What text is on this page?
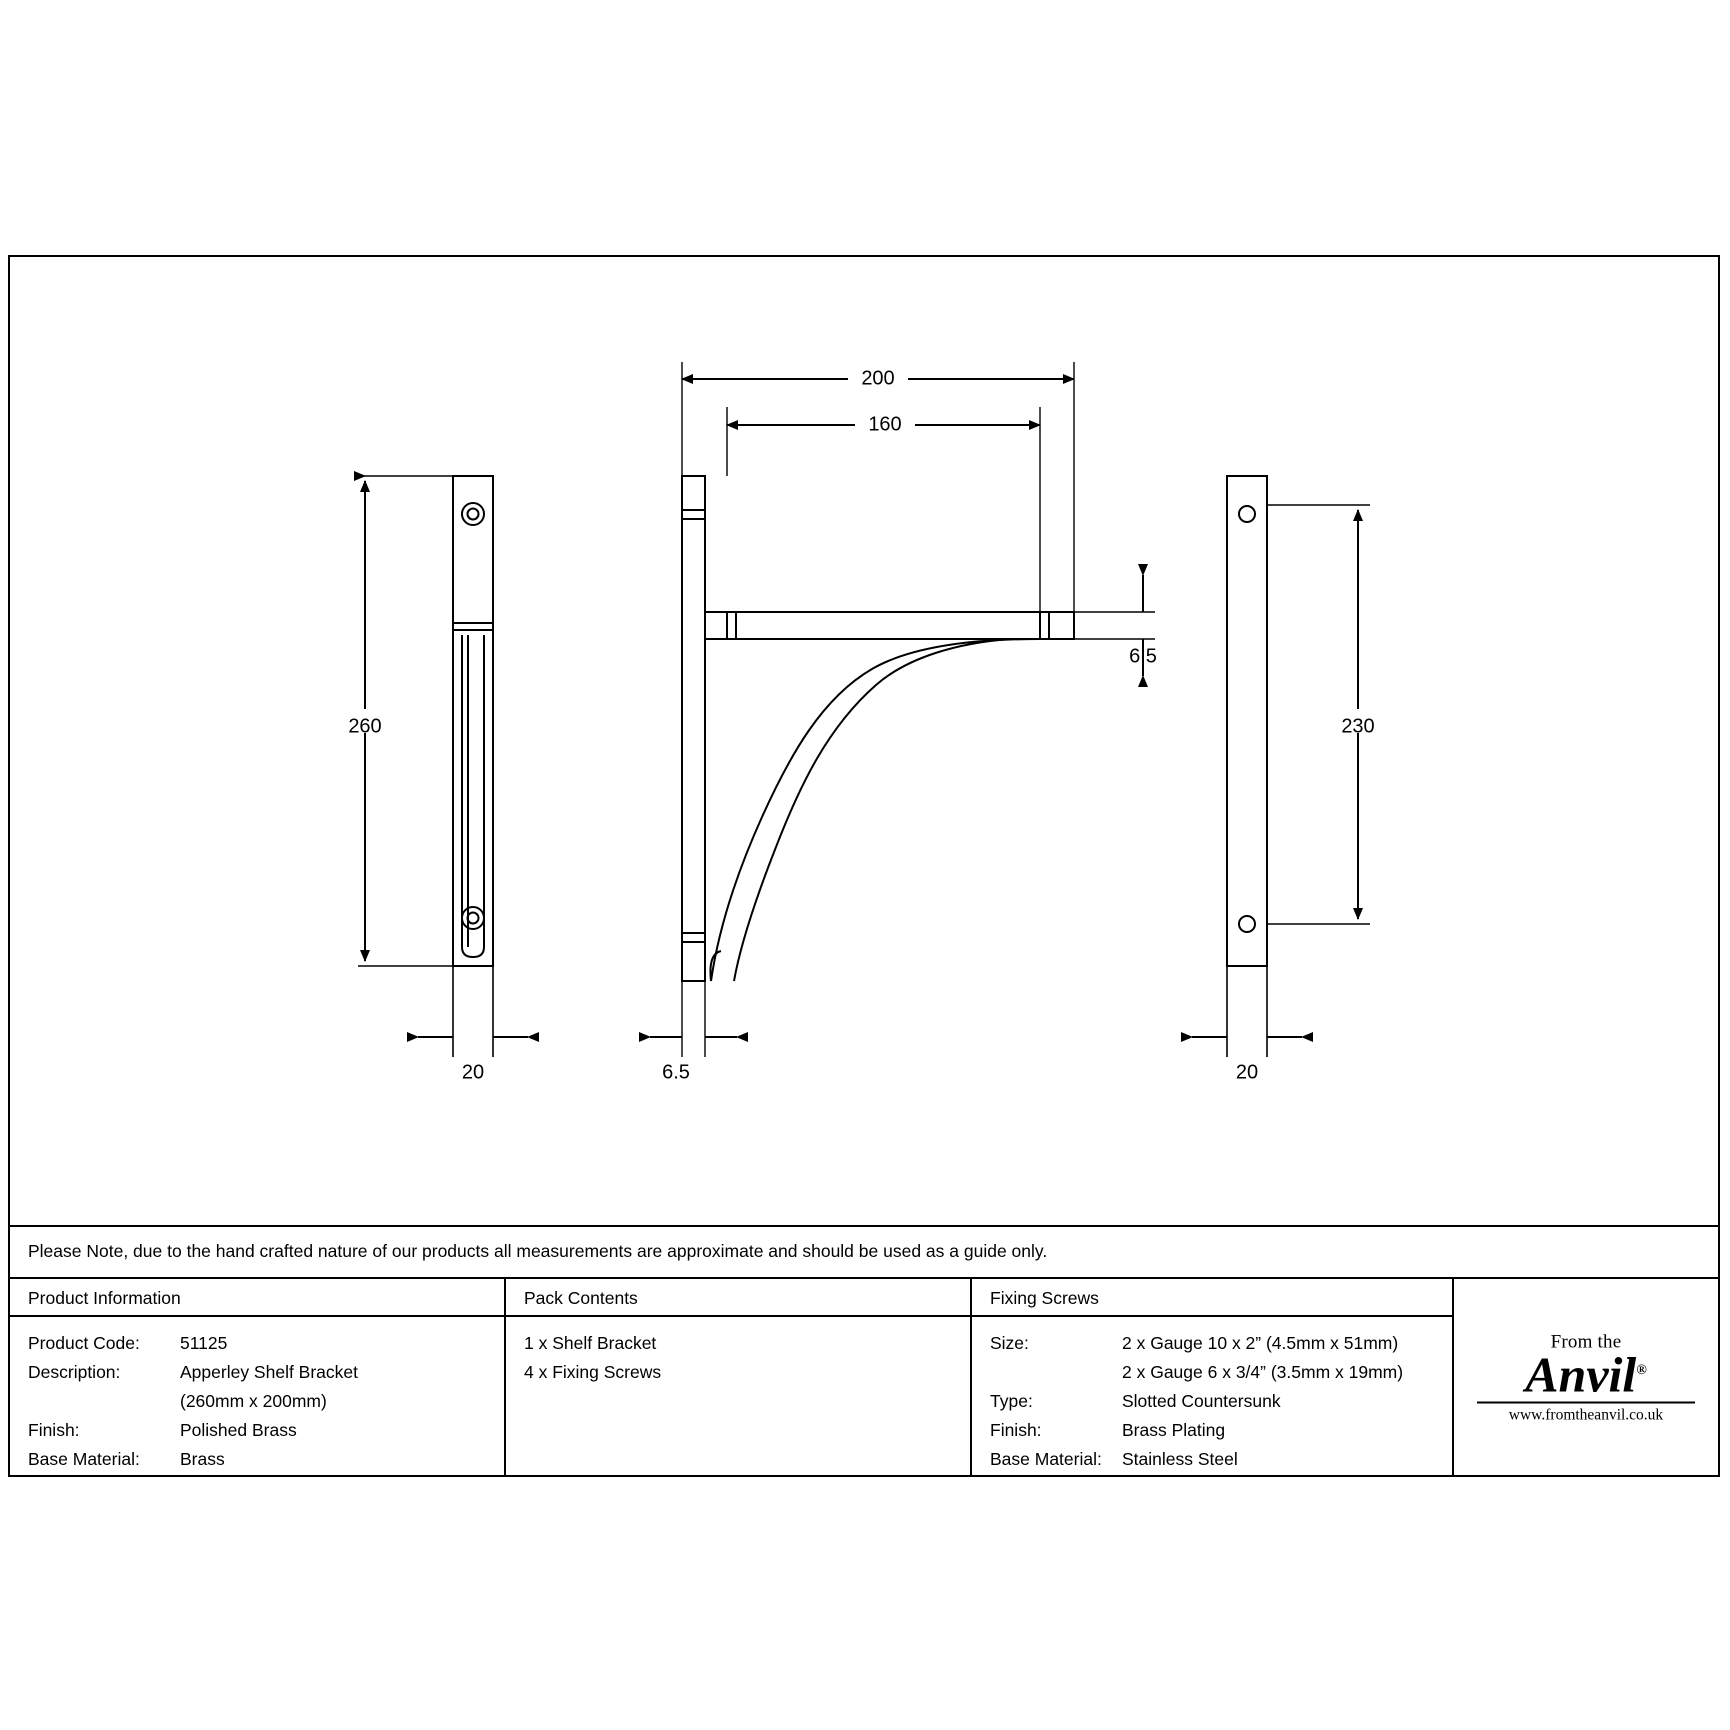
200
160
260	230
6.5
6.5
20	20
Please Note, due to the hand crafted nature of our products all measurements are approximate and should be used as a guide only.
Product Information
Product Code: 51125
Description:	Apperley Shelf Bracket
(260mm x 200mm)
Finish:	Polished Brass
Base Material: Brass
Pack Contents
1 x Shelf Bracket
4 x Fixing Screws
Fixing Screws
Size:	2 x Gauge 10 x 2” (4.5mm x 51mm)
2 x Gauge 6 x 3/4” (3.5mm x 19mm)
Type:	Slotted Countersunk
Finish:	Brass Plating
Base Material: Stainless Steel
From the
Anvil®
www.fromtheanvil.co.uk
